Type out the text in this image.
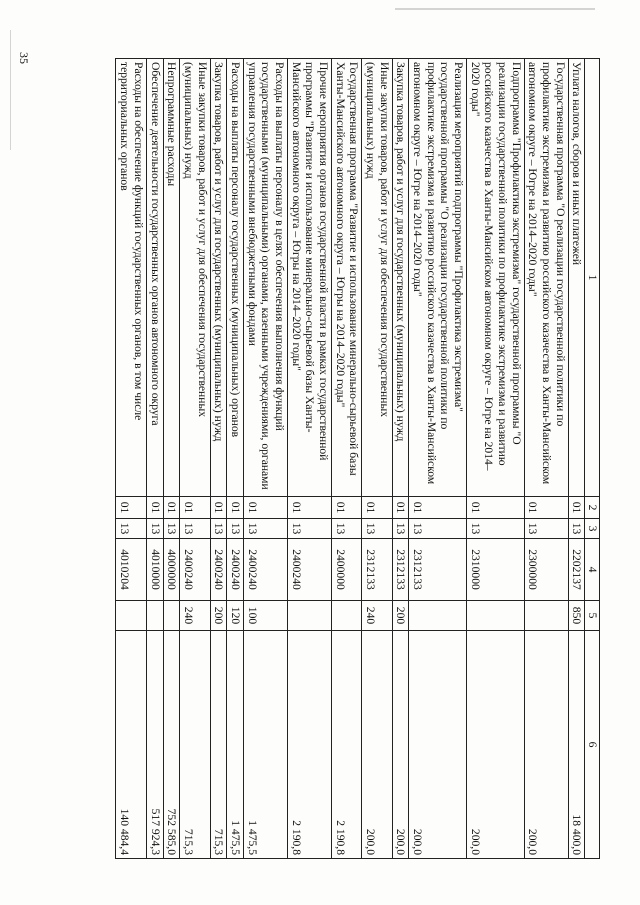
35
1	2	3	4	5	6
Уплата налогов, сборов и иных платежей	01	13	2202137	850	18 400,0
Государственная программа "О реализации государственной политики по профилактике экстремизма и развитию российского казачества в Ханты-Мансийском автономном округе – Югре на 2014–2020 годы"	01	13	2300000		200,0
Подпрограмма "Профилактика экстремизма" государственной программы "О реализации государственной политики по профилактике экстремизма и развитию российского казачества в Ханты-Мансийском автономном округе – Югре на 2014–2020 годы"	01	13	2310000		200,0
Реализация мероприятий подпрограммы "Профилактика экстремизма" государственной программы "О реализации государственной политики по профилактике экстремизма и развитию российского казачества в Ханты-Мансийском автономном округе – Югре на 2014–2020 годы"	01	13	2312133		200,0
Закупка товаров, работ и услуг для государственных (муниципальных) нужд	01	13	2312133	200	200,0
Иные закупки товаров, работ и услуг для обеспечения государственных (муниципальных) нужд	01	13	2312133	240	200,0
Государственная программа "Развитие и использование минерально-сырьевой базы Ханты-Мансийского автономного округа – Югры на 2014–2020 годы"	01	13	2400000		2 190,8
Прочие мероприятия органов государственной власти в рамках государственной программы "Развитие и использование минерально-сырьевой базы Ханты-Мансийского автономного округа – Югры на 2014–2020 годы"	01	13	2400240		2 190,8
Расходы на выплаты персоналу в целях обеспечения выполнения функций государственными (муниципальными) органами, казенными учреждениями, органами управления государственными внебюджетными фондами	01	13	2400240	100	1 475,5
Расходы на выплаты персоналу государственных (муниципальных) органов	01	13	2400240	120	1 475,5
Закупка товаров, работ и услуг для государственных (муниципальных) нужд	01	13	2400240	200	715,3
Иные закупки товаров, работ и услуг для обеспечения государственных (муниципальных) нужд	01	13	2400240	240	715,3
Непрограммные расходы	01	13	4000000		752 585,0
Обеспечение деятельности государственных органов автономного округа	01	13	4010000		517 924,3
Расходы на обеспечение функций государственных органов, в том числе территориальных органов	01	13	4010204		140 484,4
